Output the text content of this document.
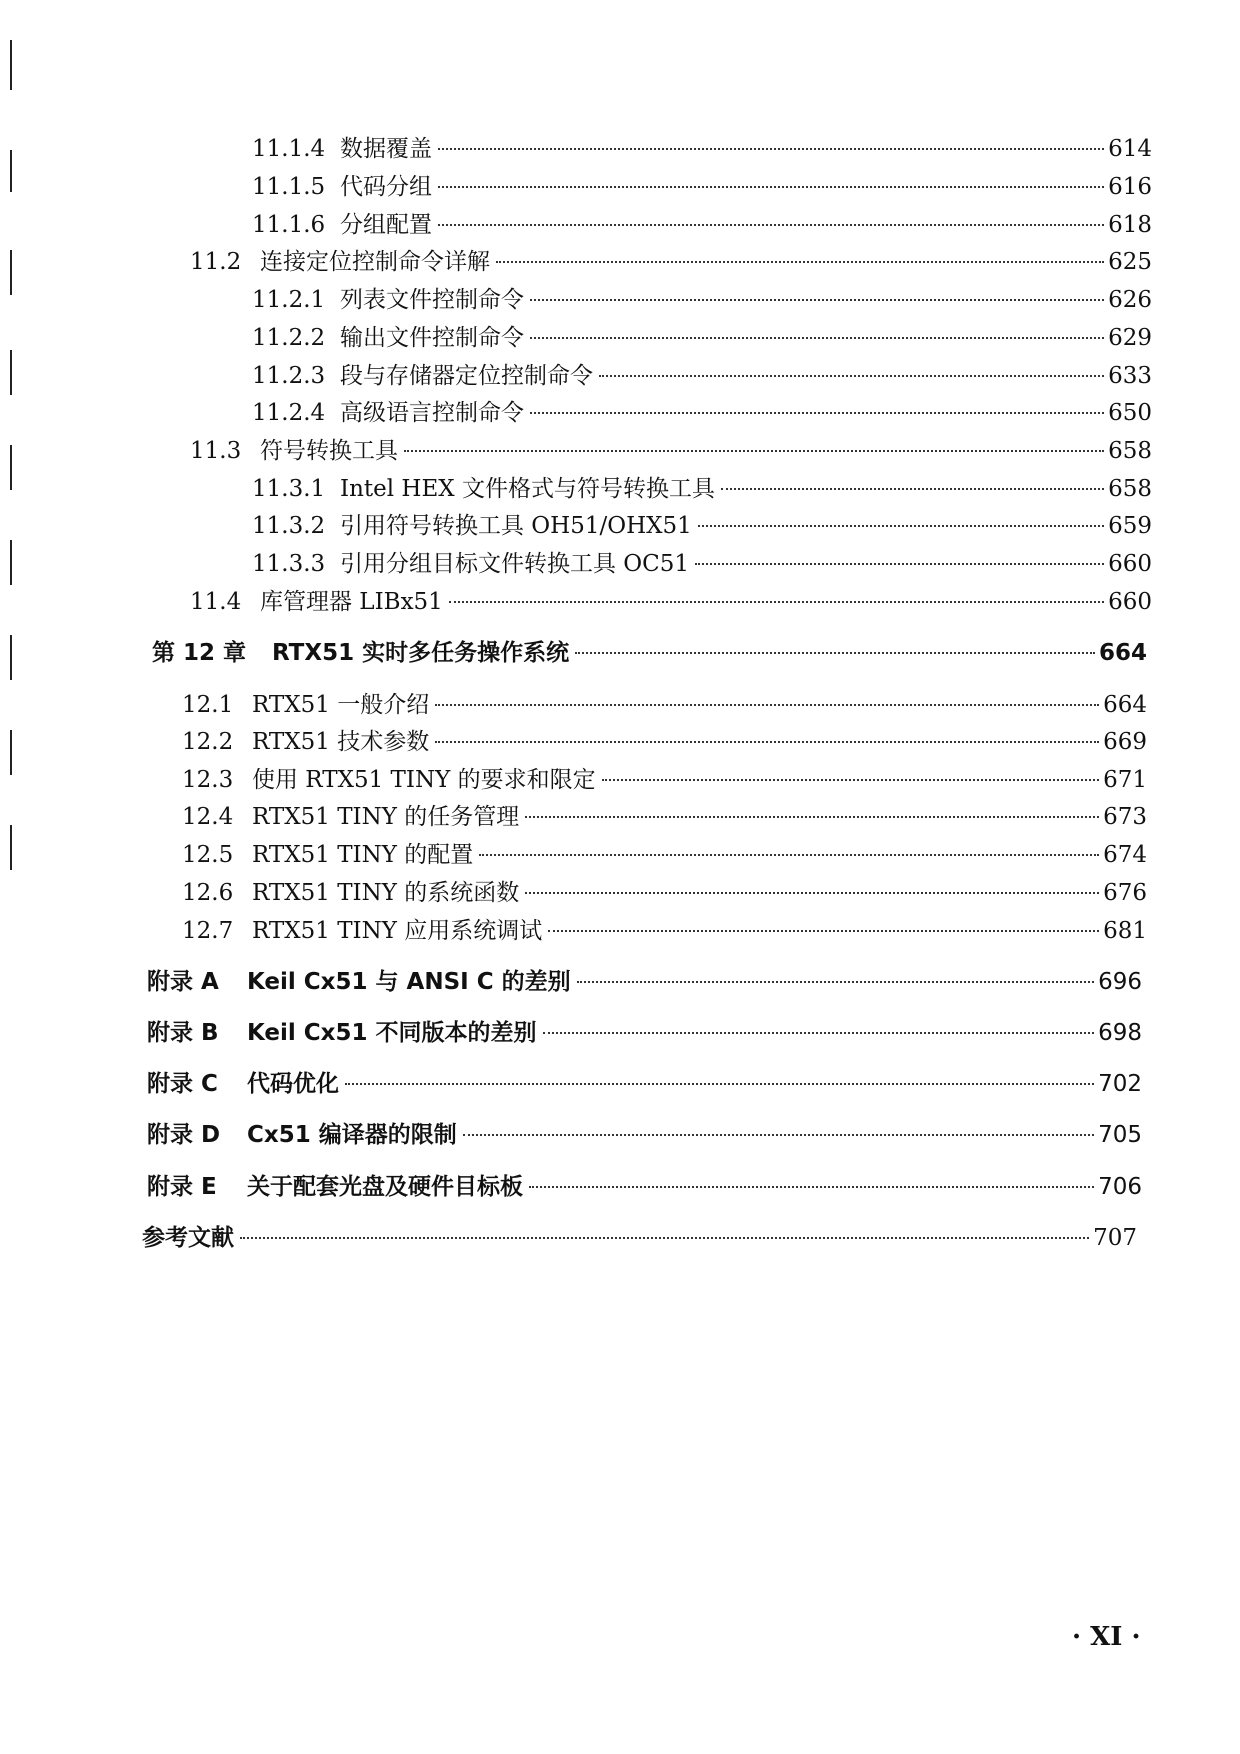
11.1.4 数据覆盖	614
11.1.5 代码分组	616
11.1.6 分组配置	618
11.2 连接定位控制命令详解	625
11.2.1 列表文件控制命令	626
11.2.2 输出文件控制命令	629
11.2.3 段与存储器定位控制命令	633
11.2.4 高级语言控制命令	650
11.3 符号转换工具	658
11.3.1 Intel HEX 文件格式与符号转换工具	658
11.3.2 引用符号转换工具 OH51/OHX51	659
11.3.3 引用分组目标文件转换工具 OC51	660
11.4 库管理器 LIBx51	660
第 12 章	RTX51 实时多任务操作系统	664
12.1 RTX51 一般介绍	664
12.2 RTX51 技术参数	669
12.3 使用 RTX51 TINY 的要求和限定	671
12.4 RTX51 TINY 的任务管理	673
12.5 RTX51 TINY 的配置	674
12.6 RTX51 TINY 的系统函数	676
12.7 RTX51 TINY 应用系统调试	681
附录 A	Keil Cx51 与 ANSI C 的差别	696
附录 B	Keil Cx51 不同版本的差别	698
附录 C	代码优化	702
附录 D	Cx51 编译器的限制	705
附录 E	关于配套光盘及硬件目标板	706
参考文献	707
· XI ·
